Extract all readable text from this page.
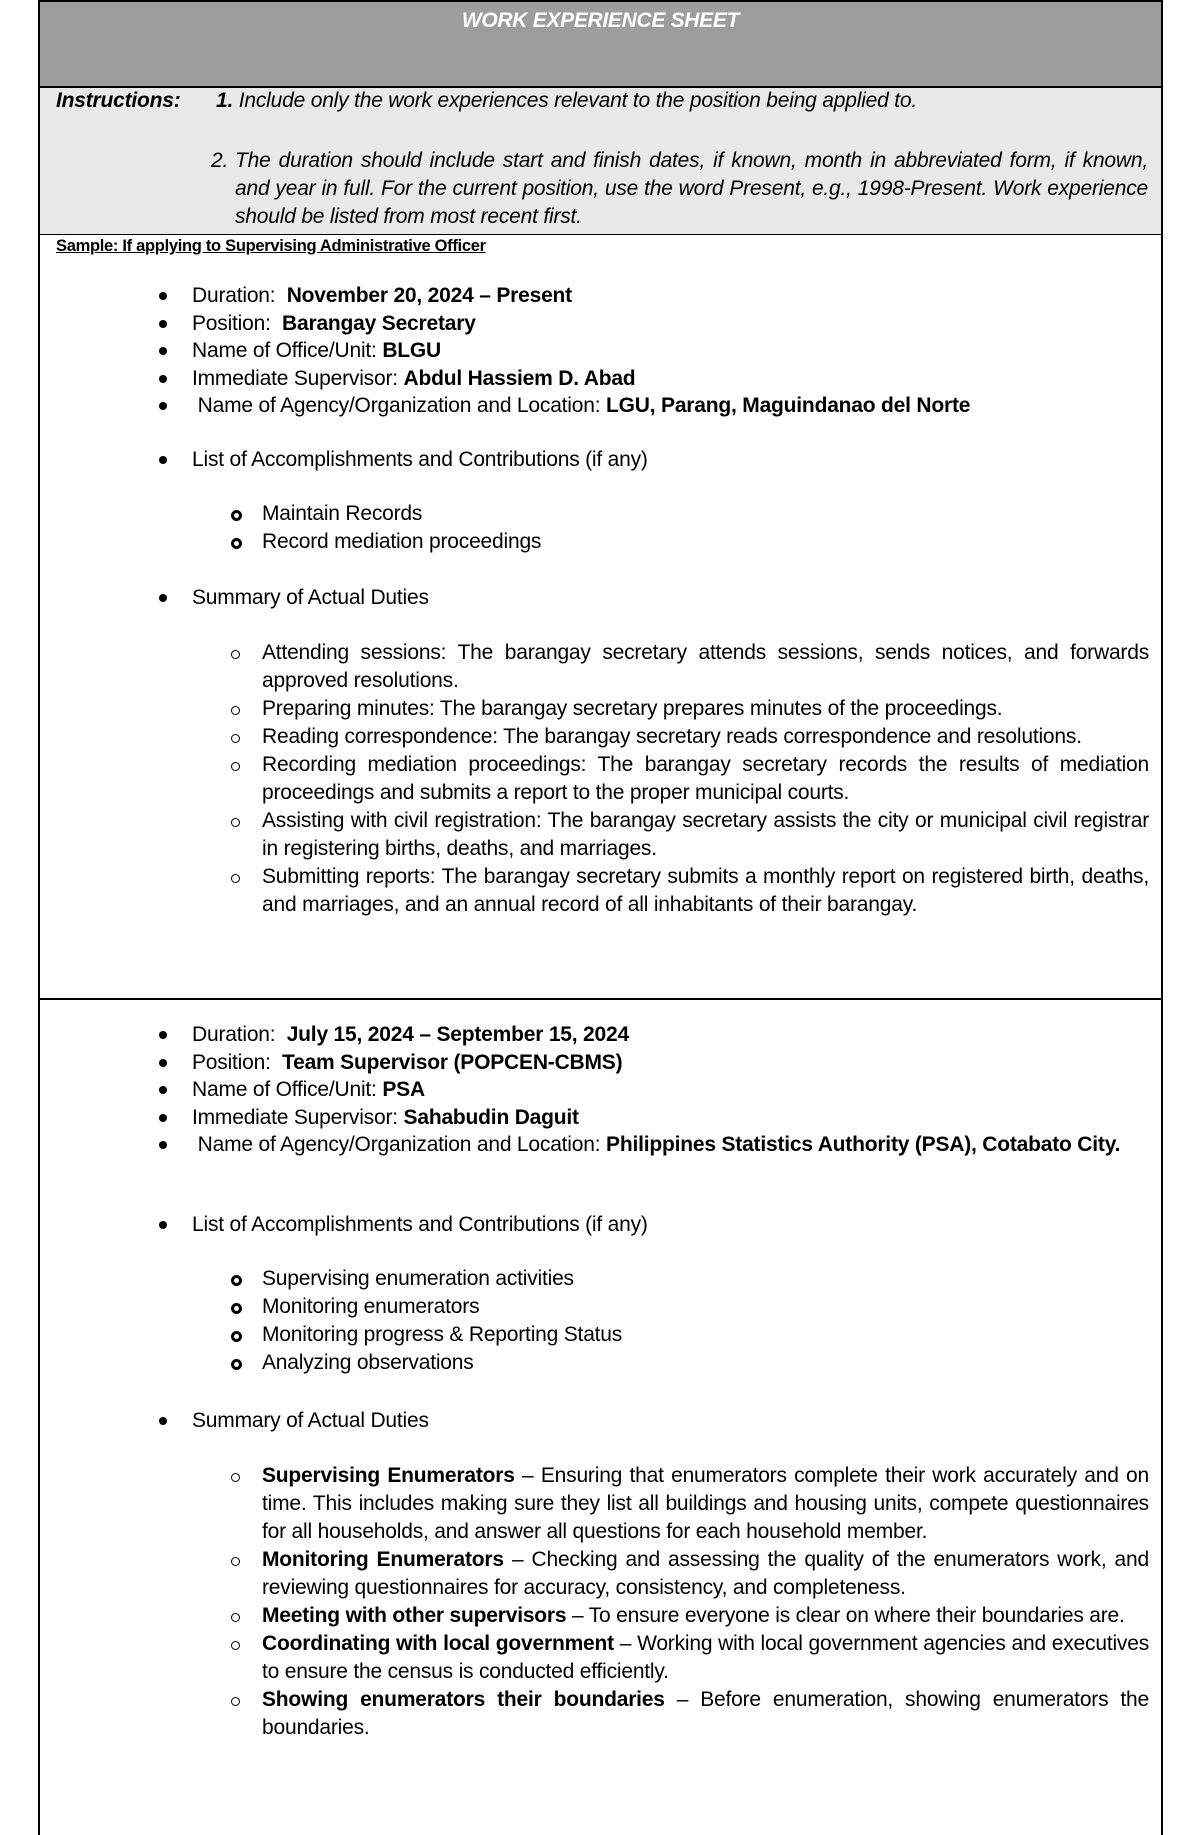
WORK EXPERIENCE SHEET
Instructions: 1. Include only the work experiences relevant to the position being applied to.
2. The duration should include start and finish dates, if known, month in abbreviated form, if known, and year in full. For the current position, use the word Present, e.g., 1998-Present. Work experience should be listed from most recent first.
Sample: If applying to Supervising Administrative Officer
Duration: November 20, 2024 – Present
Position: Barangay Secretary
Name of Office/Unit: BLGU
Immediate Supervisor: Abdul Hassiem D. Abad
Name of Agency/Organization and Location: LGU, Parang, Maguindanao del Norte
List of Accomplishments and Contributions (if any)
Maintain Records
Record mediation proceedings
Summary of Actual Duties
Attending sessions: The barangay secretary attends sessions, sends notices, and forwards approved resolutions.
Preparing minutes: The barangay secretary prepares minutes of the proceedings.
Reading correspondence: The barangay secretary reads correspondence and resolutions.
Recording mediation proceedings: The barangay secretary records the results of mediation proceedings and submits a report to the proper municipal courts.
Assisting with civil registration: The barangay secretary assists the city or municipal civil registrar in registering births, deaths, and marriages.
Submitting reports: The barangay secretary submits a monthly report on registered birth, deaths, and marriages, and an annual record of all inhabitants of their barangay.
Duration: July 15, 2024 – September 15, 2024
Position: Team Supervisor (POPCEN-CBMS)
Name of Office/Unit: PSA
Immediate Supervisor: Sahabudin Daguit
Name of Agency/Organization and Location: Philippines Statistics Authority (PSA), Cotabato City.
List of Accomplishments and Contributions (if any)
Supervising enumeration activities
Monitoring enumerators
Monitoring progress & Reporting Status
Analyzing observations
Summary of Actual Duties
Supervising Enumerators – Ensuring that enumerators complete their work accurately and on time. This includes making sure they list all buildings and housing units, compete questionnaires for all households, and answer all questions for each household member.
Monitoring Enumerators – Checking and assessing the quality of the enumerators work, and reviewing questionnaires for accuracy, consistency, and completeness.
Meeting with other supervisors – To ensure everyone is clear on where their boundaries are.
Coordinating with local government – Working with local government agencies and executives to ensure the census is conducted efficiently.
Showing enumerators their boundaries – Before enumeration, showing enumerators the boundaries.
